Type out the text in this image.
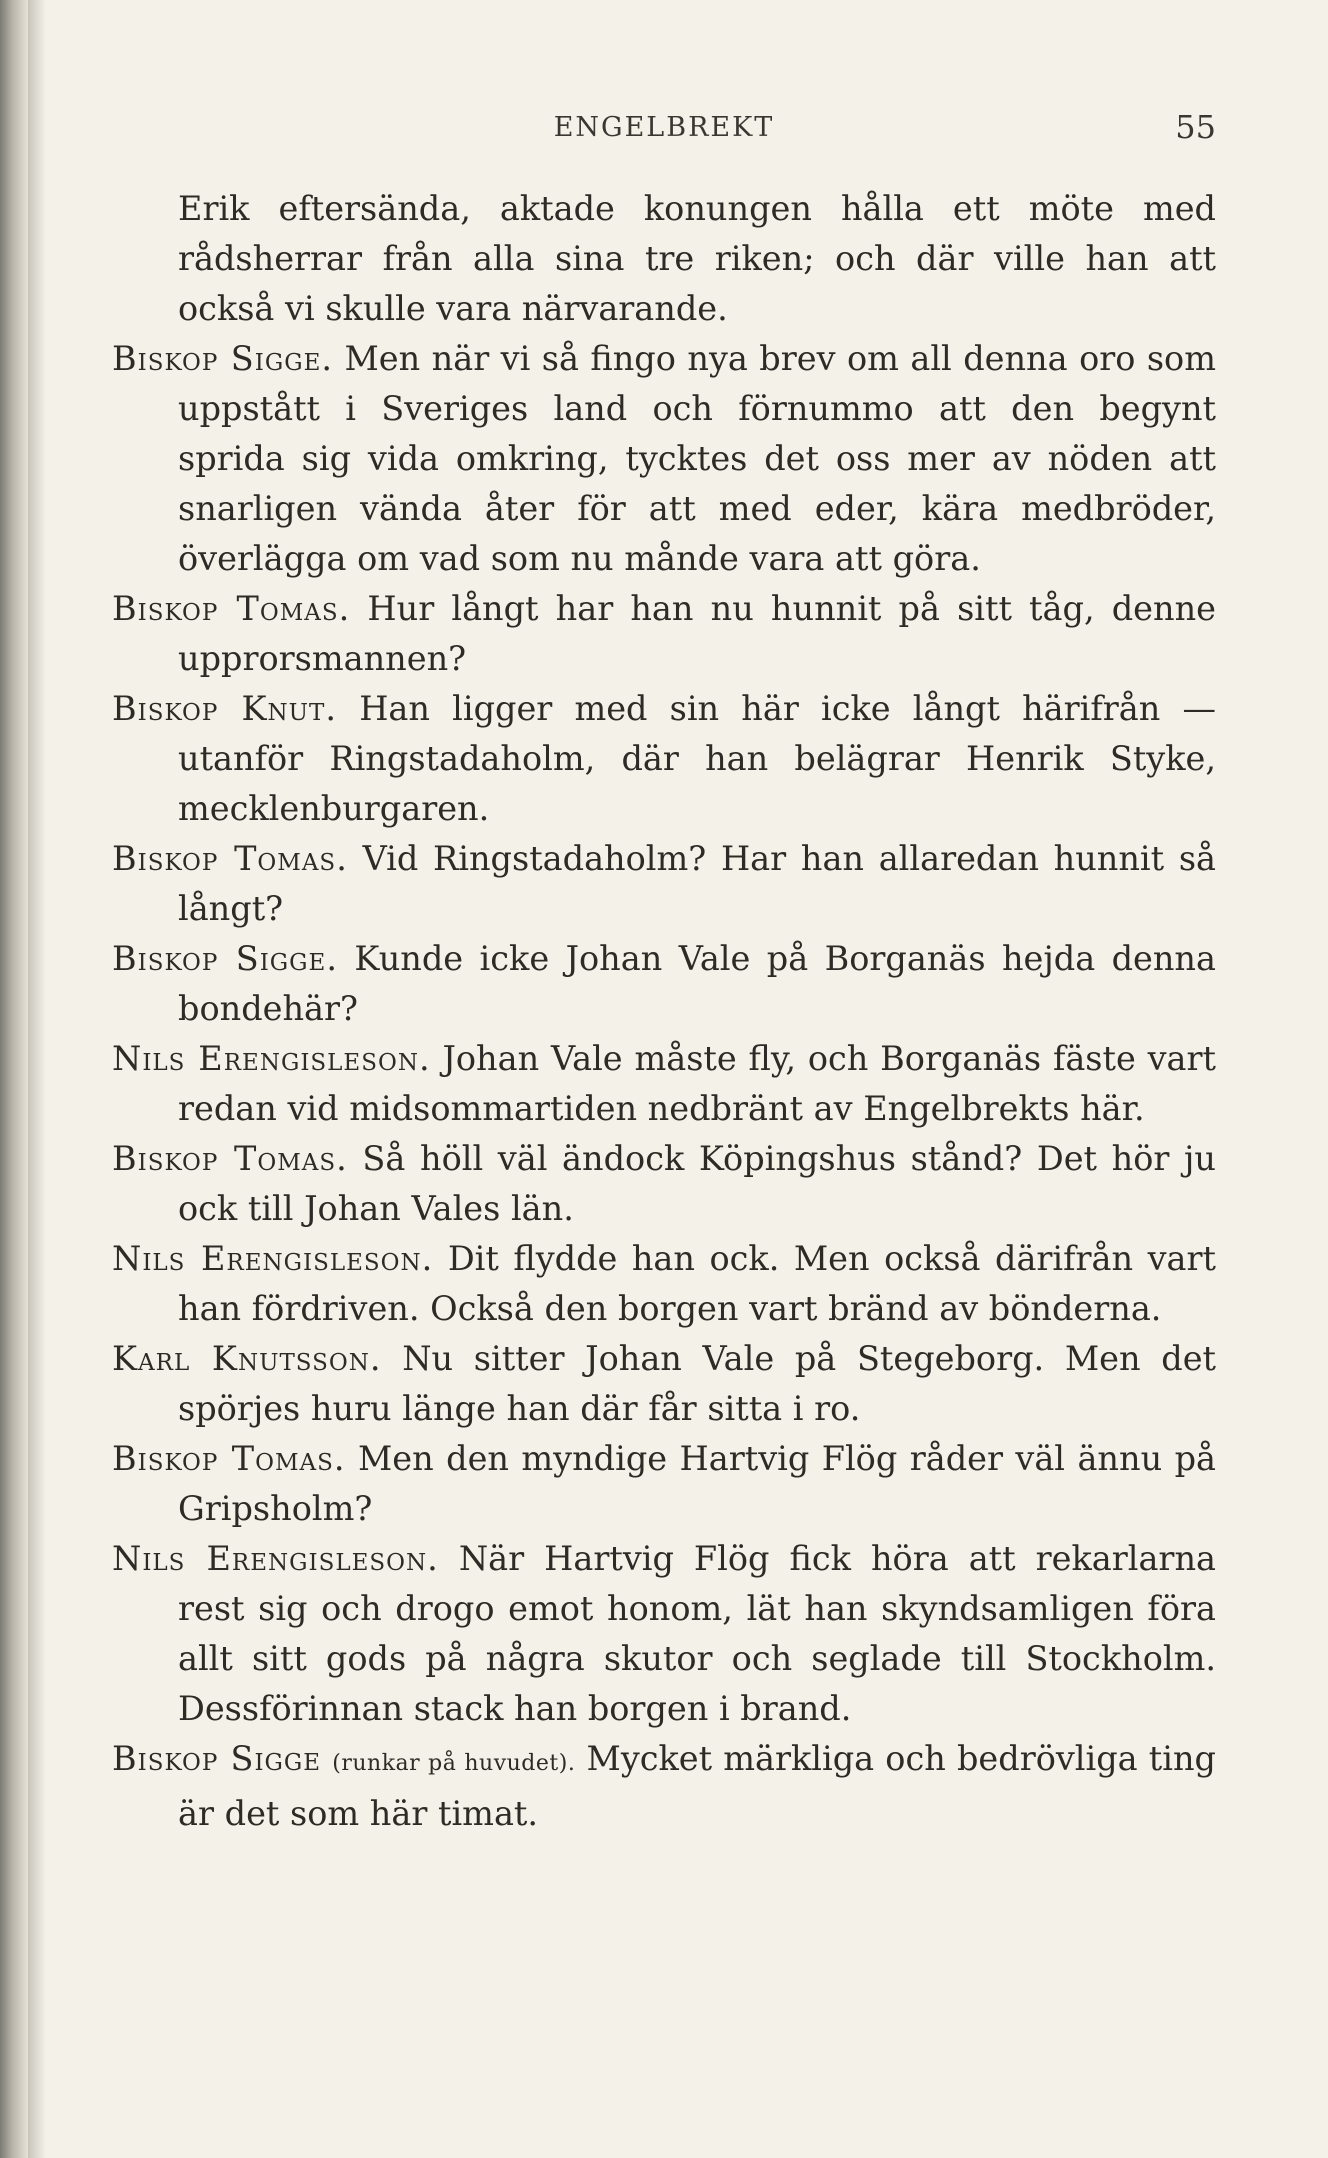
ENGELBREKT	55

Erik eftersända, aktade konungen hålla ett möte med rådsherrar från alla sina tre riken; och där ville han att också vi skulle vara närvarande.

Biskop Sigge. Men när vi så fingo nya brev om all denna oro som uppstått i Sveriges land och förnummo att den begynt sprida sig vida omkring, tycktes det oss mer av nöden att snarligen vända åter för att med eder, kära medbröder, överlägga om vad som nu månde vara att göra.

Biskop Tomas. Hur långt har han nu hunnit på sitt tåg, denne upprorsmannen?

Biskop Knut. Han ligger med sin här icke långt härifrån — utanför Ringstadaholm, där han belägrar Henrik Styke, mecklenburgaren.

Biskop Tomas. Vid Ringstadaholm? Har han allaredan hunnit så långt?

Biskop Sigge. Kunde icke Johan Vale på Borganäs hejda denna bondehär?

Nils Erengisleson. Johan Vale måste fly, och Borganäs fäste vart redan vid midsommartiden nedbränt av Engelbrekts här.

Biskop Tomas. Så höll väl ändock Köpingshus stånd? Det hör ju ock till Johan Vales län.

Nils Erengisleson. Dit flydde han ock. Men också därifrån vart han fördriven. Också den borgen vart bränd av bönderna.

Karl Knutsson. Nu sitter Johan Vale på Stegeborg. Men det spörjes huru länge han där får sitta i ro.

Biskop Tomas. Men den myndige Hartvig Flög råder väl ännu på Gripsholm?

Nils Erengisleson. När Hartvig Flög fick höra att rekarlarna rest sig och drogo emot honom, lät han skyndsamligen föra allt sitt gods på några skutor och seglade till Stockholm. Dessförinnan stack han borgen i brand.

Biskop Sigge (runkar på huvudet). Mycket märkliga och bedrövliga ting är det som här timat.
